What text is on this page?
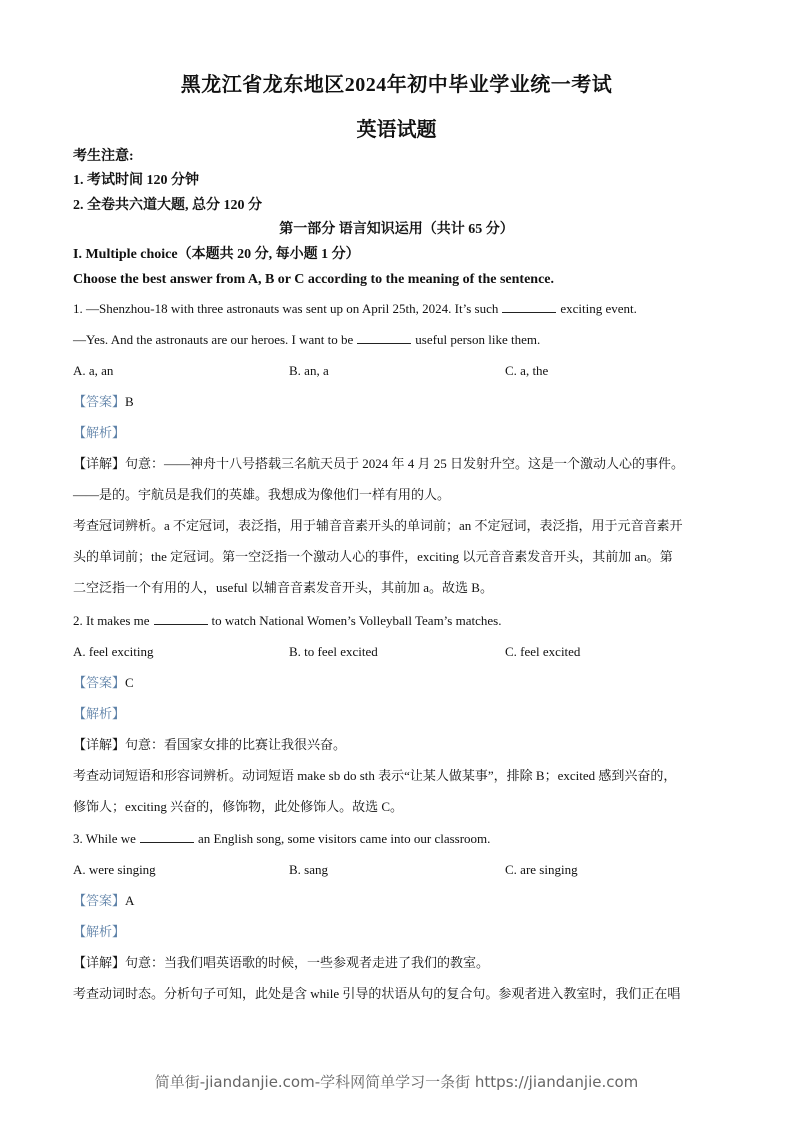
黑龙江省龙东地区2024年初中毕业学业统一考试
英语试题
考生注意:
1. 考试时间 120 分钟
2. 全卷共六道大题, 总分 120 分
第一部分 语言知识运用（共计 65 分）
I. Multiple choice（本题共 20 分, 每小题 1 分）
Choose the best answer from A, B or C according to the meaning of the sentence.
1. —Shenzhou-18 with three astronauts was sent up on April 25th, 2024. It’s such	exciting event.
—Yes. And the astronauts are our heroes. I want to be	useful person like them.
A. a, an	B. an, a	C. a, the
【答案】B
【解析】
【详解】句意：——神舟十八号搭载三名航天员于 2024 年 4 月 25 日发射升空。这是一个激动人心的事件。
——是的。宇航员是我们的英雄。我想成为像他们一样有用的人。
考查冠词辨析。a 不定冠词，表泛指，用于辅音音素开头的单词前；an 不定冠词，表泛指，用于元音音素开
头的单词前；the 定冠词。第一空泛指一个激动人心的事件，exciting 以元音音素发音开头，其前加 an。第
二空泛指一个有用的人，useful 以辅音音素发音开头，其前加 a。故选 B。
2. It makes me	to watch National Women’s Volleyball Team’s matches.
A. feel exciting	B. to feel excited	C. feel excited
【答案】C
【解析】
【详解】句意：看国家女排的比赛让我很兴奋。
考查动词短语和形容词辨析。动词短语 make sb do sth 表示“让某人做某事”，排除 B；excited 感到兴奋的，
修饰人；exciting 兴奋的，修饰物，此处修饰人。故选 C。
3. While we	an English song, some visitors came into our classroom.
A. were singing	B. sang	C. are singing
【答案】A
【解析】
【详解】句意：当我们唱英语歌的时候，一些参观者走进了我们的教室。
考查动词时态。分析句子可知，此处是含 while 引导的状语从句的复合句。参观者进入教室时，我们正在唱
简单街-jiandanjie.com-学科网简单学习一条街 https://jiandanjie.com
